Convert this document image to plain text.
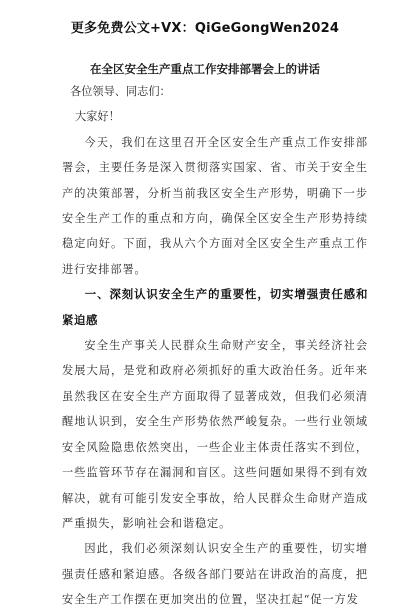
更多免费公文+VX：QiGeGongWen2024
在全区安全生产重点工作安排部署会上的讲话

各位领导、同志们：

大家好！

今天，我们在这里召开全区安全生产重点工作安排部署会，主要任务是深入贯彻落实国家、省、市关于安全生产的决策部署，分析当前我区安全生产形势，明确下一步安全生产工作的重点和方向，确保全区安全生产形势持续稳定向好。下面，我从六个方面对全区安全生产重点工作进行安排部署。

一、深刻认识安全生产的重要性，切实增强责任感和紧迫感

安全生产事关人民群众生命财产安全，事关经济社会发展大局，是党和政府必须抓好的重大政治任务。近年来虽然我区在安全生产方面取得了显著成效，但我们必须清醒地认识到，安全生产形势依然严峻复杂。一些行业领域安全风险隐患依然突出，一些企业主体责任落实不到位，一些监管环节存在漏洞和盲区。这些问题如果得不到有效解决，就有可能引发安全事故，给人民群众生命财产造成严重损失，影响社会和谐稳定。

因此，我们必须深刻认识安全生产的重要性，切实增强责任感和紧迫感。各级各部门要站在讲政治的高度，把安全生产工作摆在更加突出的位置，坚决扛起“促一方发
